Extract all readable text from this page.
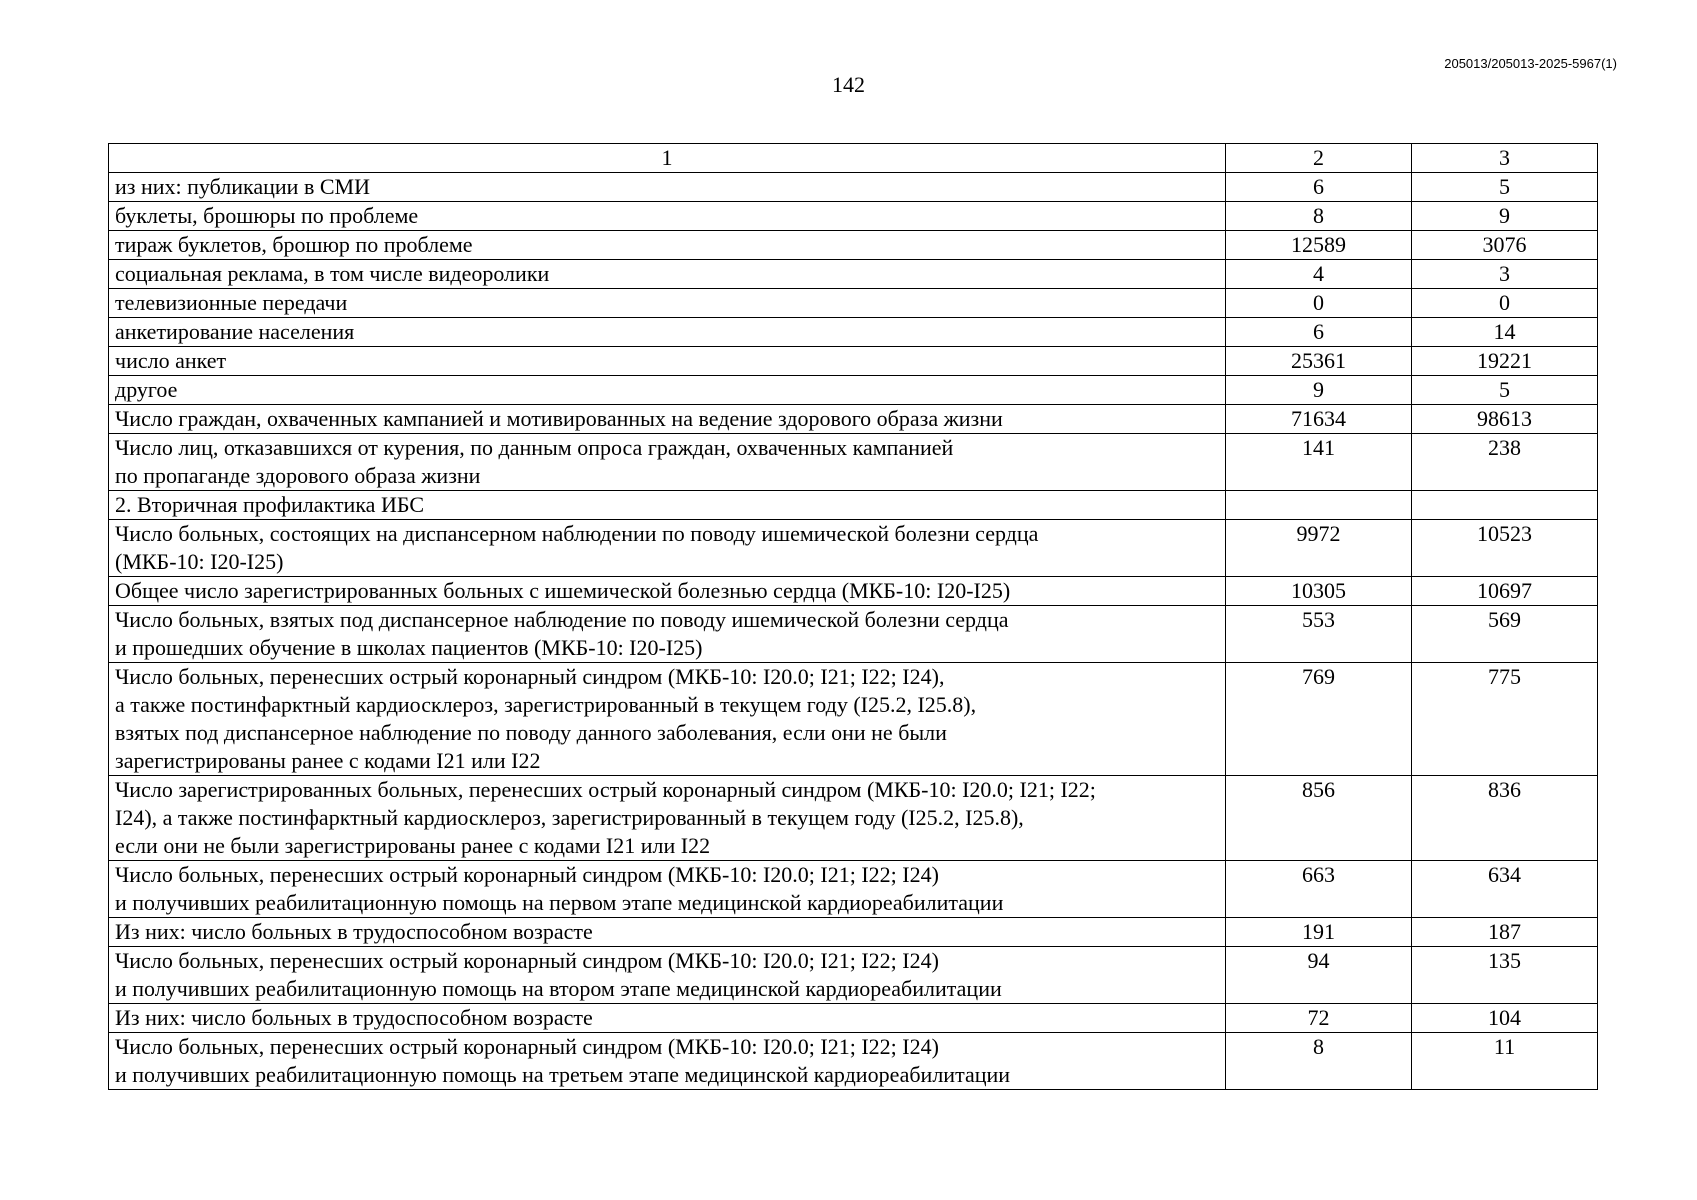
205013/205013-2025-5967(1)
142
1	2	3
из них: публикации в СМИ	6	5
буклеты, брошюры по проблеме	8	9
тираж буклетов, брошюр по проблеме	12589	3076
социальная реклама, в том числе видеоролики	4	3
телевизионные передачи	0	0
анкетирование населения	6	14
число анкет	25361	19221
другое	9	5
Число граждан, охваченных кампанией и мотивированных на ведение здорового образа жизни	71634	98613
Число лиц, отказавшихся от курения, по данным опроса граждан, охваченных кампанией
по пропаганде здорового образа жизни	141	238
2. Вторичная профилактика ИБС		
Число больных, состоящих на диспансерном наблюдении по поводу ишемической болезни сердца
(МКБ-10: I20-I25)	9972	10523
Общее число зарегистрированных больных с ишемической болезнью сердца (МКБ-10: I20-I25)	10305	10697
Число больных, взятых под диспансерное наблюдение по поводу ишемической болезни сердца
и прошедших обучение в школах пациентов (МКБ-10: I20-I25)	553	569
Число больных, перенесших острый коронарный синдром (МКБ-10: I20.0; I21; I22; I24),
а также постинфарктный кардиосклероз, зарегистрированный в текущем году (I25.2, I25.8),
взятых под диспансерное наблюдение по поводу данного заболевания, если они не были
зарегистрированы ранее с кодами I21 или I22	769	775
Число зарегистрированных больных, перенесших острый коронарный синдром (МКБ-10: I20.0; I21; I22;
I24), а также постинфарктный кардиосклероз, зарегистрированный в текущем году (I25.2, I25.8),
если они не были зарегистрированы ранее с кодами I21 или I22	856	836
Число больных, перенесших острый коронарный синдром (МКБ-10: I20.0; I21; I22; I24)
и получивших реабилитационную помощь на первом этапе медицинской кардиореабилитации	663	634
Из них: число больных в трудоспособном возрасте	191	187
Число больных, перенесших острый коронарный синдром (МКБ-10: I20.0; I21; I22; I24)
и получивших реабилитационную помощь на втором этапе медицинской кардиореабилитации	94	135
Из них: число больных в трудоспособном возрасте	72	104
Число больных, перенесших острый коронарный синдром (МКБ-10: I20.0; I21; I22; I24)
и получивших реабилитационную помощь на третьем этапе медицинской кардиореабилитации	8	11
